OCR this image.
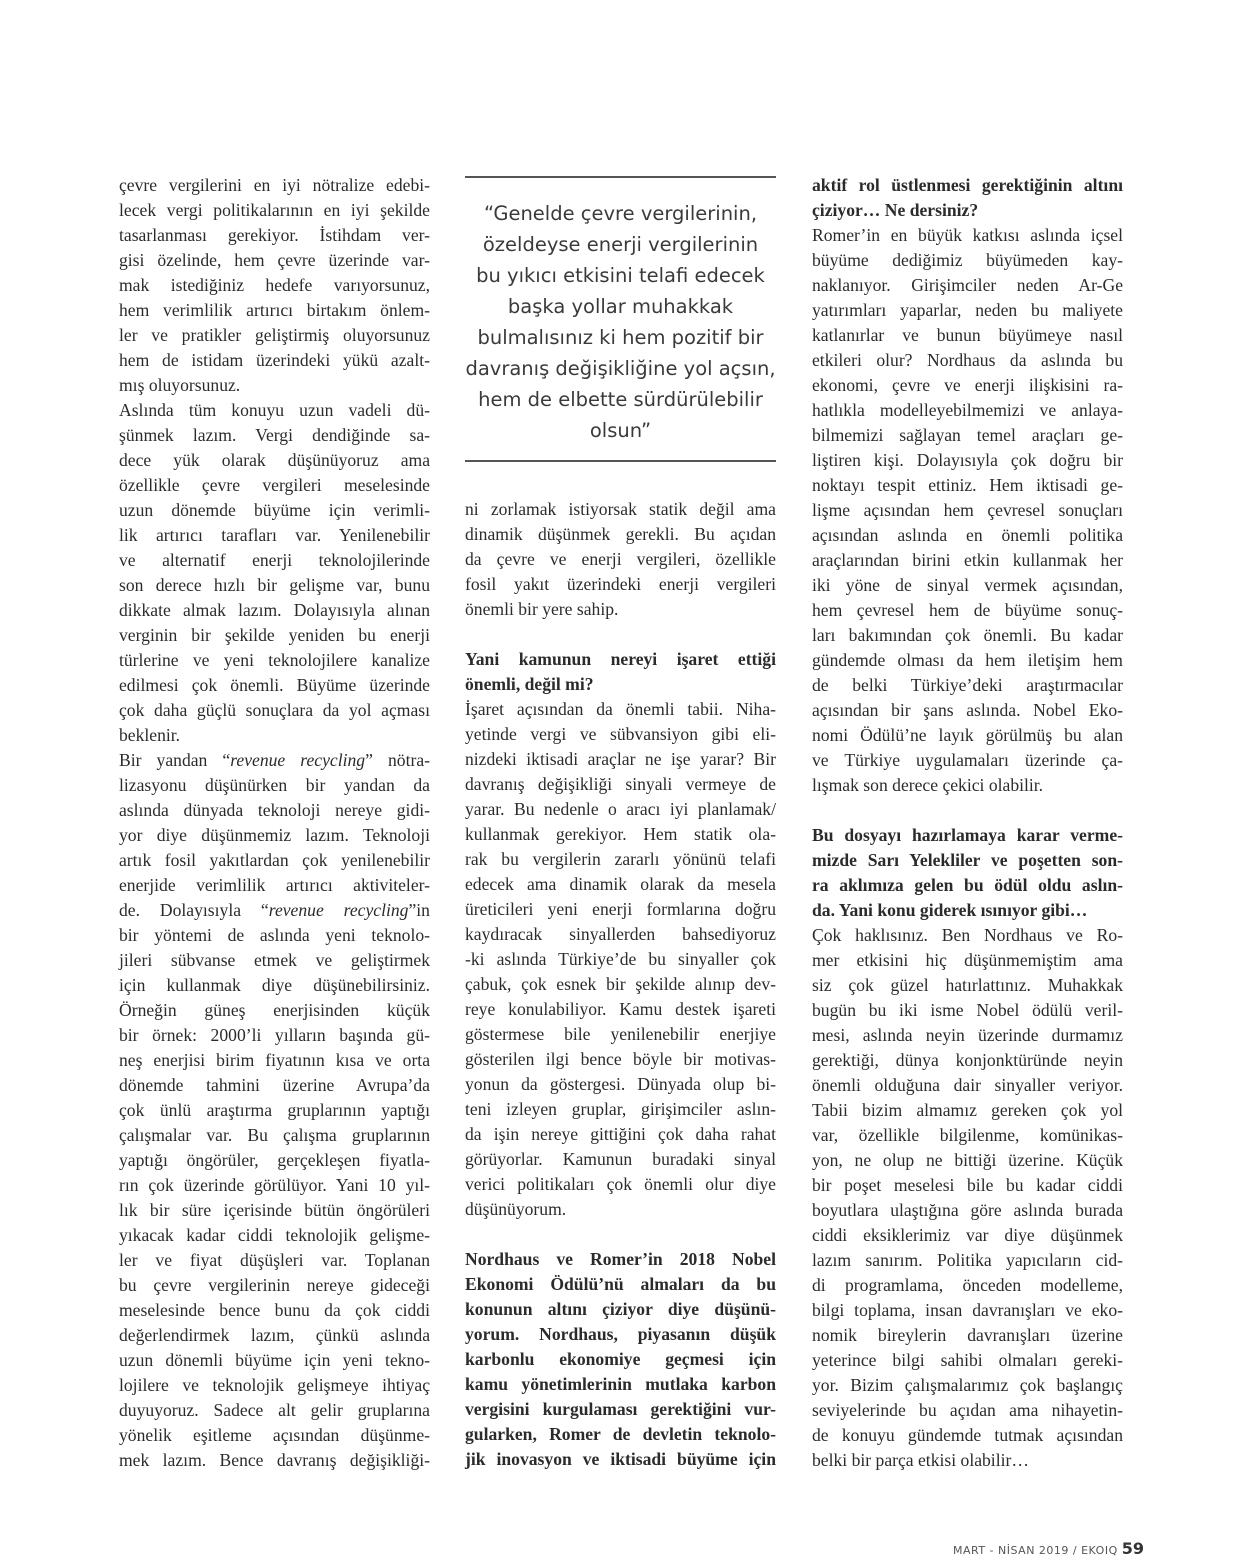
çevre vergilerini en iyi nötralize edebi-

lecek vergi politikalarının en iyi şekilde

tasarlanması gerekiyor. İstihdam ver-

gisi özelinde, hem çevre üzerinde var-

mak istediğiniz hedefe varıyorsunuz,

hem verimlilik artırıcı birtakım önlem-

ler ve pratikler geliştirmiş oluyorsunuz

hem de istidam üzerindeki yükü azalt-

mış oluyorsunuz.

Aslında tüm konuyu uzun vadeli dü-

şünmek lazım. Vergi dendiğinde sa-

dece yük olarak düşünüyoruz ama

özellikle çevre vergileri meselesinde

uzun dönemde büyüme için verimli-

lik artırıcı tarafları var. Yenilenebilir

ve alternatif enerji teknolojilerinde

son derece hızlı bir gelişme var, bunu

dikkate almak lazım. Dolayısıyla alınan

verginin bir şekilde yeniden bu enerji

türlerine ve yeni teknolojilere kanalize

edilmesi çok önemli. Büyüme üzerinde

çok daha güçlü sonuçlara da yol açması

beklenir.

Bir yandan “revenue recycling” nötra-

lizasyonu düşünürken bir yandan da

aslında dünyada teknoloji nereye gidi-

yor diye düşünmemiz lazım. Teknoloji

artık fosil yakıtlardan çok yenilenebilir

enerjide verimlilik artırıcı aktiviteler-

de. Dolayısıyla “revenue recycling”in

bir yöntemi de aslında yeni teknolo-

jileri sübvanse etmek ve geliştirmek

için kullanmak diye düşünebilirsiniz.

Örneğin güneş enerjisinden küçük

bir örnek: 2000’li yılların başında gü-

neş enerjisi birim fiyatının kısa ve orta

dönemde tahmini üzerine Avrupa’da

çok ünlü araştırma gruplarının yaptığı

çalışmalar var. Bu çalışma gruplarının

yaptığı öngörüler, gerçekleşen fiyatla-

rın çok üzerinde görülüyor. Yani 10 yıl-

lık bir süre içerisinde bütün öngörüleri

yıkacak kadar ciddi teknolojik gelişme-

ler ve fiyat düşüşleri var. Toplanan

bu çevre vergilerinin nereye gideceği

meselesinde bence bunu da çok ciddi

değerlendirmek lazım, çünkü aslında

uzun dönemli büyüme için yeni tekno-

lojilere ve teknolojik gelişmeye ihtiyaç

duyuyoruz. Sadece alt gelir gruplarına

yönelik eşitleme açısından düşünme-

mek lazım. Bence davranış değişikliği-

“Genelde çevre vergilerinin,
özeldeyse enerji vergilerinin
bu yıkıcı etkisini telafi edecek
başka yollar muhakkak
bulmalısınız ki hem pozitif bir
davranış değişikliğine yol açsın,
hem de elbette sürdürülebilir
olsun”

ni zorlamak istiyorsak statik değil ama

dinamik düşünmek gerekli. Bu açıdan

da çevre ve enerji vergileri, özellikle

fosil yakıt üzerindeki enerji vergileri

önemli bir yere sahip.

Yani kamunun nereyi işaret ettiği

önemli, değil mi?

İşaret açısından da önemli tabii. Niha-

yetinde vergi ve sübvansiyon gibi eli-

nizdeki iktisadi araçlar ne işe yarar? Bir

davranış değişikliği sinyali vermeye de

yarar. Bu nedenle o aracı iyi planlamak/

kullanmak gerekiyor. Hem statik ola-

rak bu vergilerin zararlı yönünü telafi

edecek ama dinamik olarak da mesela

üreticileri yeni enerji formlarına doğru

kaydıracak sinyallerden bahsediyoruz

-ki aslında Türkiye’de bu sinyaller çok

çabuk, çok esnek bir şekilde alınıp dev-

reye konulabiliyor. Kamu destek işareti

göstermese bile yenilenebilir enerjiye

gösterilen ilgi bence böyle bir motivas-

yonun da göstergesi. Dünyada olup bi-

teni izleyen gruplar, girişimciler aslın-

da işin nereye gittiğini çok daha rahat

görüyorlar. Kamunun buradaki sinyal

verici politikaları çok önemli olur diye

düşünüyorum.

Nordhaus ve Romer’in 2018 Nobel

Ekonomi Ödülü’nü almaları da bu

konunun altını çiziyor diye düşünü-

yorum. Nordhaus, piyasanın düşük

karbonlu ekonomiye geçmesi için

kamu yönetimlerinin mutlaka karbon

vergisini kurgulaması gerektiğini vur-

gularken, Romer de devletin teknolo-

jik inovasyon ve iktisadi büyüme için

aktif rol üstlenmesi gerektiğinin altını

çiziyor… Ne dersiniz?

Romer’in en büyük katkısı aslında içsel

büyüme dediğimiz büyümeden kay-

naklanıyor. Girişimciler neden Ar-Ge

yatırımları yaparlar, neden bu maliyete

katlanırlar ve bunun büyümeye nasıl

etkileri olur? Nordhaus da aslında bu

ekonomi, çevre ve enerji ilişkisini ra-

hatlıkla modelleyebilmemizi ve anlaya-

bilmemizi sağlayan temel araçları ge-

liştiren kişi. Dolayısıyla çok doğru bir

noktayı tespit ettiniz. Hem iktisadi ge-

lişme açısından hem çevresel sonuçları

açısından aslında en önemli politika

araçlarından birini etkin kullanmak her

iki yöne de sinyal vermek açısından,

hem çevresel hem de büyüme sonuç-

ları bakımından çok önemli. Bu kadar

gündemde olması da hem iletişim hem

de belki Türkiye’deki araştırmacılar

açısından bir şans aslında. Nobel Eko-

nomi Ödülü’ne layık görülmüş bu alan

ve Türkiye uygulamaları üzerinde ça-

lışmak son derece çekici olabilir.

Bu dosyayı hazırlamaya karar verme-

mizde Sarı Yelekliler ve poşetten son-

ra aklımıza gelen bu ödül oldu aslın-

da. Yani konu giderek ısınıyor gibi…

Çok haklısınız. Ben Nordhaus ve Ro-

mer etkisini hiç düşünmemiştim ama

siz çok güzel hatırlattınız. Muhakkak

bugün bu iki isme Nobel ödülü veril-

mesi, aslında neyin üzerinde durmamız

gerektiği, dünya konjonktüründe neyin

önemli olduğuna dair sinyaller veriyor.

Tabii bizim almamız gereken çok yol

var, özellikle bilgilenme, komünikas-

yon, ne olup ne bittiği üzerine. Küçük

bir poşet meselesi bile bu kadar ciddi

boyutlara ulaştığına göre aslında burada

ciddi eksiklerimiz var diye düşünmek

lazım sanırım. Politika yapıcıların cid-

di programlama, önceden modelleme,

bilgi toplama, insan davranışları ve eko-

nomik bireylerin davranışları üzerine

yeterince bilgi sahibi olmaları gereki-

yor. Bizim çalışmalarımız çok başlangıç

seviyelerinde bu açıdan ama nihayetin-

de konuyu gündemde tutmak açısından

belki bir parça etkisi olabilir…

MART - NİSAN 2019 / EKOIQ 59
